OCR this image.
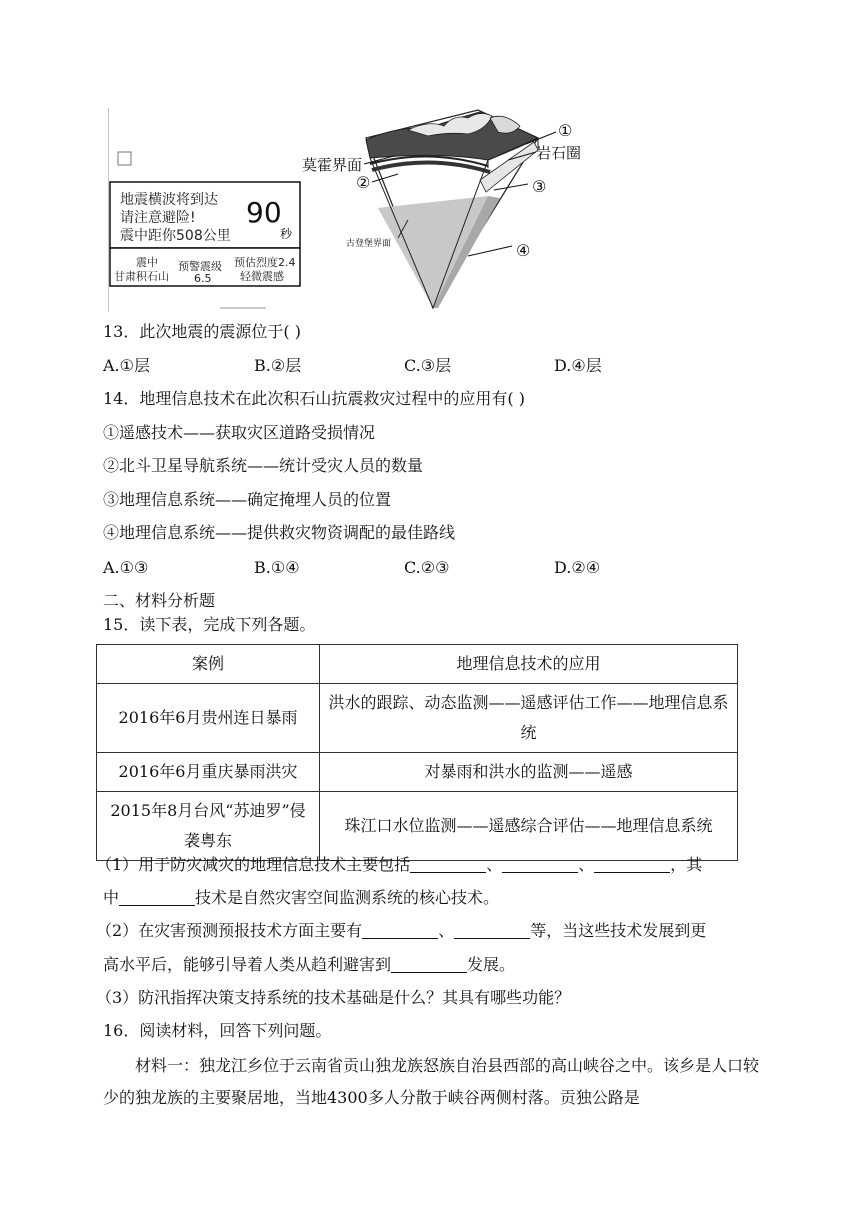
地震横波将到达
请注意避险!
震中距你508公里
90
秒
震中
甘肃积石山
预警震级
6.5
预估烈度2.4
轻微震感
①
岩石圈
莫霍界面
②	③
古登堡界面	④
13．此次地震的震源位于( )
A.①层	B.②层	C.③层	D.④层
14．地理信息技术在此次积石山抗震救灾过程中的应用有( )
①遥感技术——获取灾区道路受损情况
②北斗卫星导航系统——统计受灾人员的数量
③地理信息系统——确定掩埋人员的位置
④地理信息系统——提供救灾物资调配的最佳路线
A.①③	B.①④	C.②③	D.②④
二、材料分析题
15．读下表，完成下列各题。
案例	地理信息技术的应用
2016年6月贵州连日暴雨	洪水的跟踪、动态监测——遥感评估工作——地理信息系统
2016年6月重庆暴雨洪灾	对暴雨和洪水的监测——遥感
2015年8月台风“苏迪罗”侵袭粤东	珠江口水位监测——遥感综合评估——地理信息系统
（1）用于防灾减灾的地理信息技术主要包括	、	、	，其
中	技术是自然灾害空间监测系统的核心技术。
（2）在灾害预测预报技术方面主要有	、	等，当这些技术发展到更
高水平后，能够引导着人类从趋利避害到	发展。
（3）防汛指挥决策支持系统的技术基础是什么？其具有哪些功能？
16．阅读材料，回答下列问题。
材料一：独龙江乡位于云南省贡山独龙族怒族自治县西部的高山峡谷之中。该乡是人口较少的独龙族的主要聚居地，当地4300多人分散于峡谷两侧村落。贡独公路是
